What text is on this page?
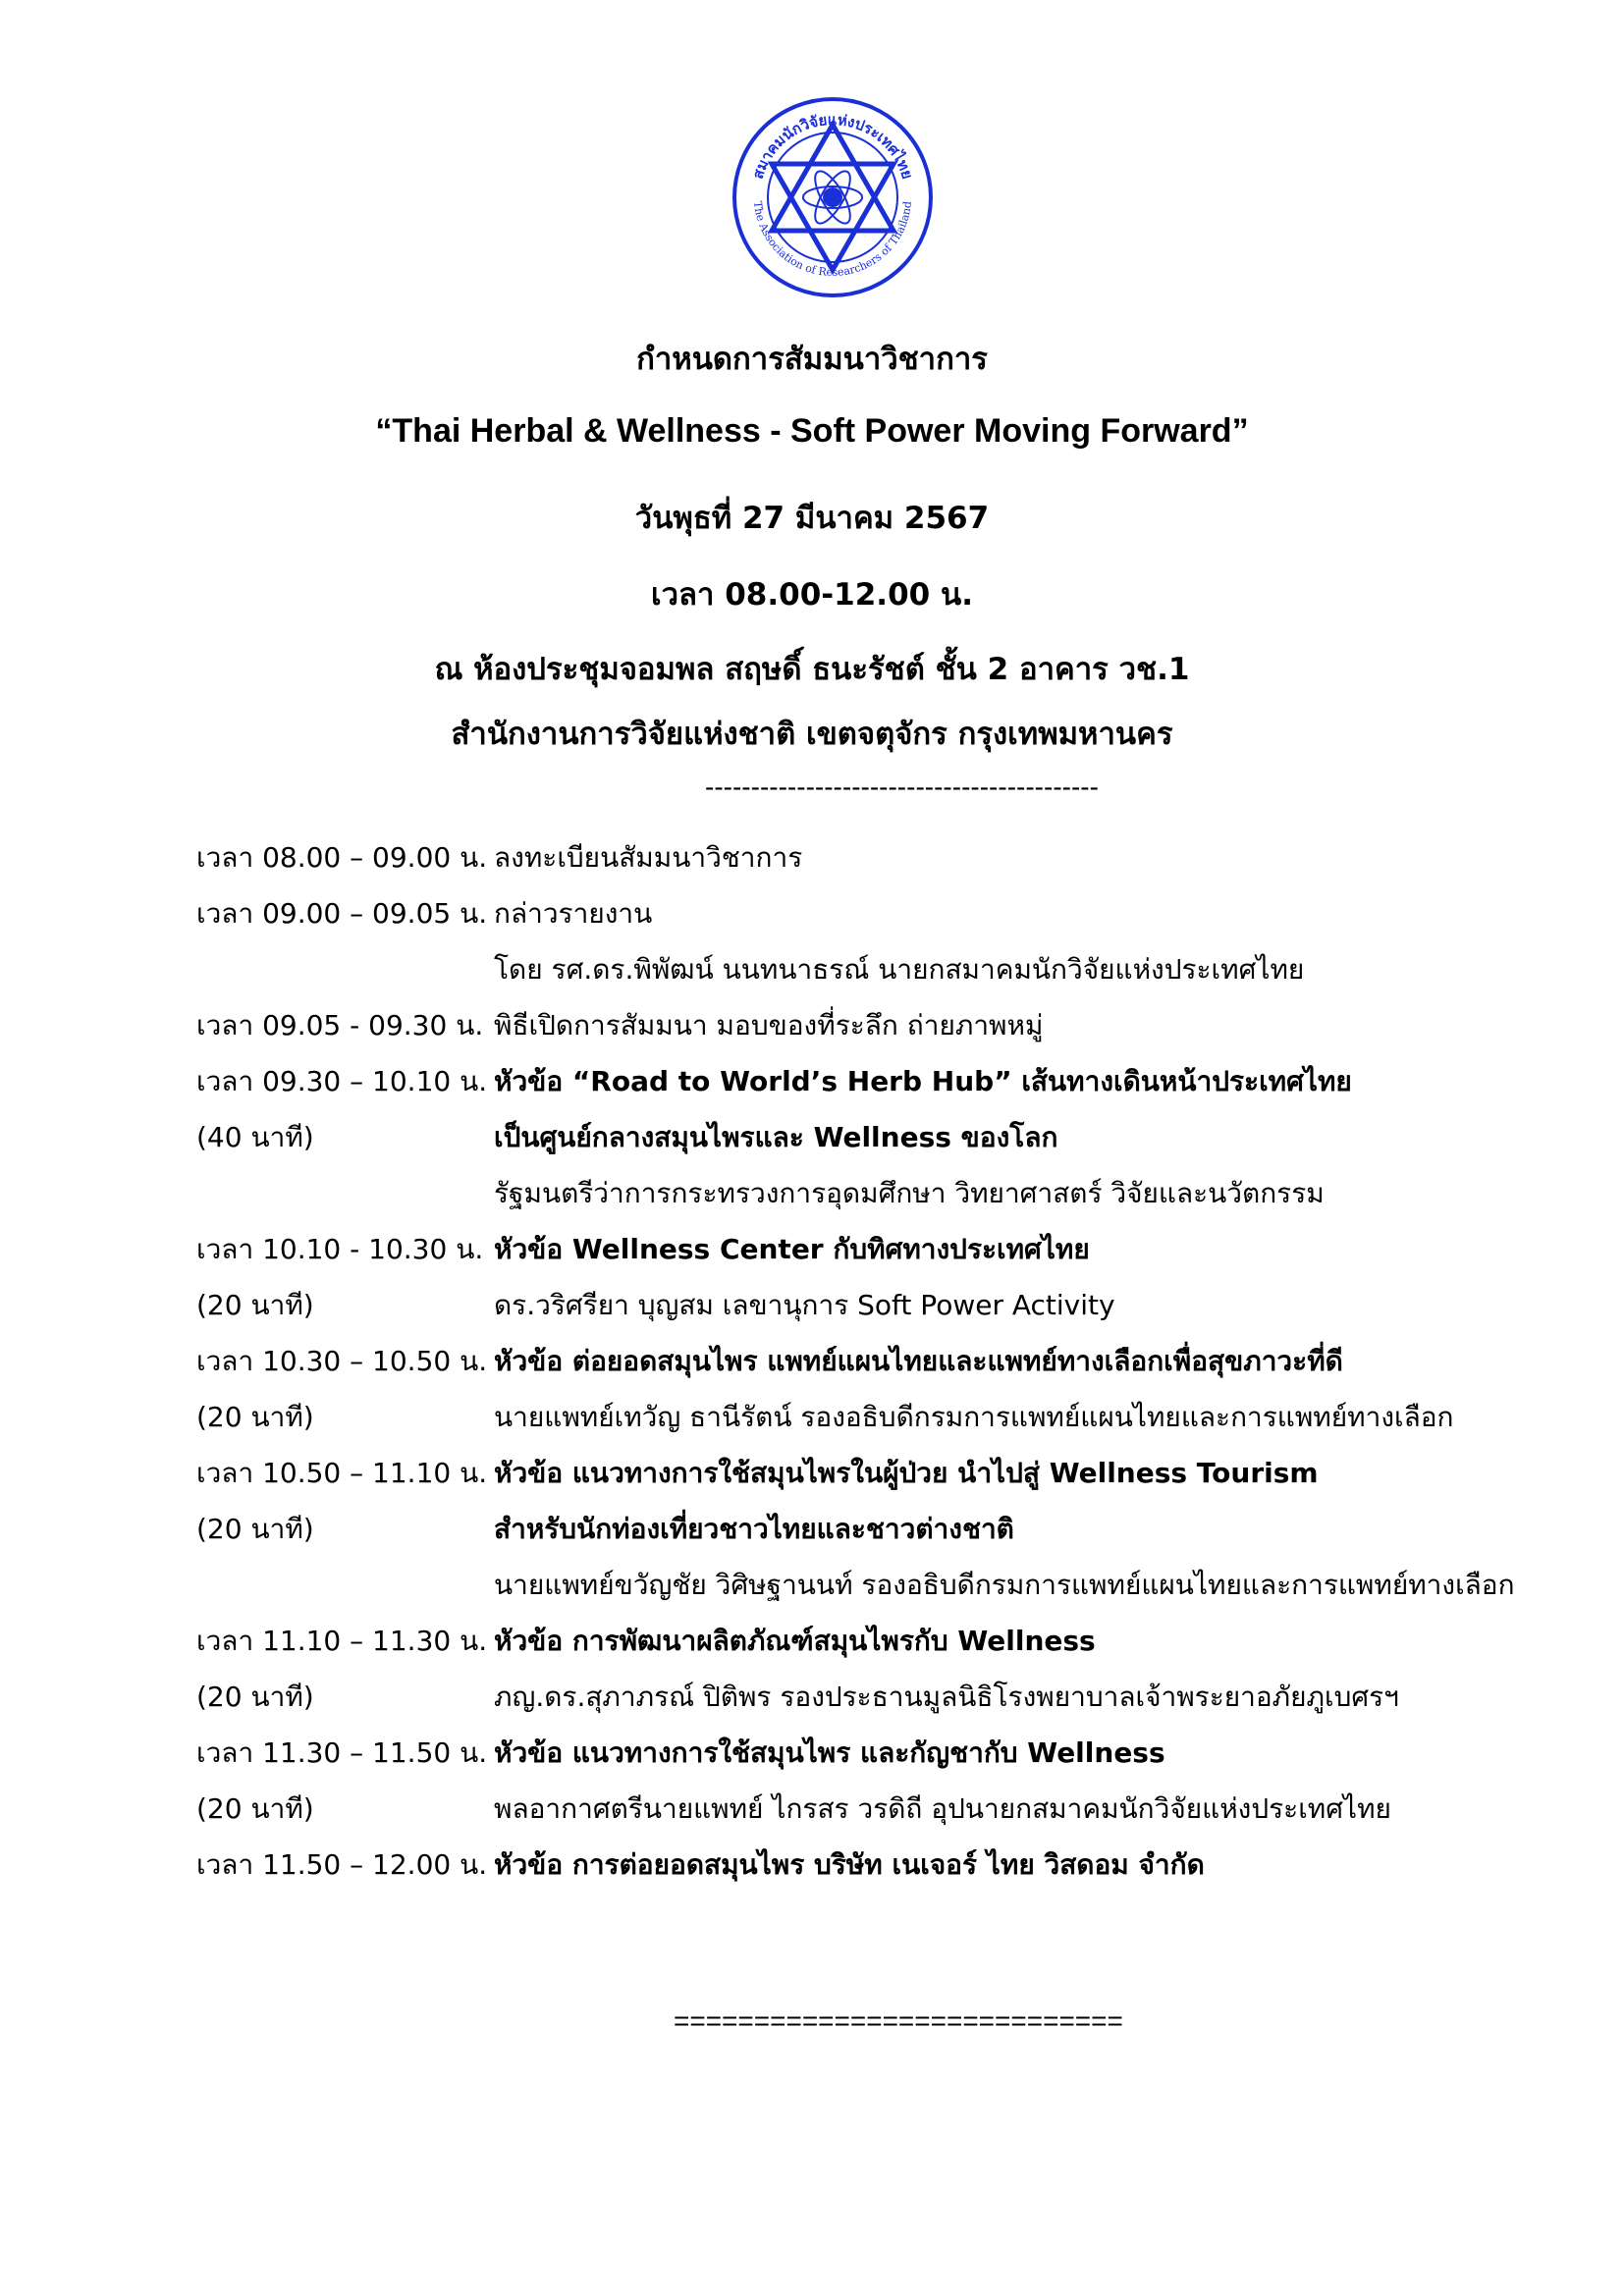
สมาคมนักวิจัยแห่งประเทศไทย
The Association of Researchers of Thailand
กำหนดการสัมมนาวิชาการ
“Thai Herbal & Wellness - Soft Power Moving Forward”
วันพุธที่ 27 มีนาคม 2567
เวลา 08.00-12.00 น.
ณ ห้องประชุมจอมพล สฤษดิ์ ธนะรัชต์ ชั้น 2 อาคาร วช.1
สำนักงานการวิจัยแห่งชาติ เขตจตุจักร กรุงเทพมหานคร
-------------------------------------------
เวลา 08.00 – 09.00 น. ลงทะเบียนสัมมนาวิชาการ
เวลา 09.00 – 09.05 น. กล่าวรายงาน
โดย รศ.ดร.พิพัฒน์ นนทนาธรณ์ นายกสมาคมนักวิจัยแห่งประเทศไทย
เวลา 09.05 - 09.30 น. พิธีเปิดการสัมมนา มอบของที่ระลึก ถ่ายภาพหมู่
เวลา 09.30 – 10.10 น. หัวข้อ “Road to World’s Herb Hub” เส้นทางเดินหน้าประเทศไทย
(40 นาที)	เป็นศูนย์กลางสมุนไพรและ Wellness ของโลก
รัฐมนตรีว่าการกระทรวงการอุดมศึกษา วิทยาศาสตร์ วิจัยและนวัตกรรม
เวลา 10.10 - 10.30 น. หัวข้อ Wellness Center กับทิศทางประเทศไทย
(20 นาที)	ดร.วริศรียา บุญสม เลขานุการ Soft Power Activity
เวลา 10.30 – 10.50 น. หัวข้อ ต่อยอดสมุนไพร แพทย์แผนไทยและแพทย์ทางเลือกเพื่อสุขภาวะที่ดี
(20 นาที)	นายแพทย์เทวัญ ธานีรัตน์ รองอธิบดีกรมการแพทย์แผนไทยและการแพทย์ทางเลือก
เวลา 10.50 – 11.10 น. หัวข้อ แนวทางการใช้สมุนไพรในผู้ป่วย นำไปสู่ Wellness Tourism
(20 นาที)	สำหรับนักท่องเที่ยวชาวไทยและชาวต่างชาติ
นายแพทย์ขวัญชัย วิศิษฐานนท์ รองอธิบดีกรมการแพทย์แผนไทยและการแพทย์ทางเลือก
เวลา 11.10 – 11.30 น. หัวข้อ การพัฒนาผลิตภัณฑ์สมุนไพรกับ Wellness
(20 นาที)	ภญ.ดร.สุภาภรณ์ ปิติพร รองประธานมูลนิธิโรงพยาบาลเจ้าพระยาอภัยภูเบศรฯ
เวลา 11.30 – 11.50 น. หัวข้อ แนวทางการใช้สมุนไพร และกัญชากับ Wellness
(20 นาที)	พลอากาศตรีนายแพทย์ ไกรสร วรดิถี อุปนายกสมาคมนักวิจัยแห่งประเทศไทย
เวลา 11.50 – 12.00 น. หัวข้อ การต่อยอดสมุนไพร บริษัท เนเจอร์ ไทย วิสดอม จำกัด
============================
